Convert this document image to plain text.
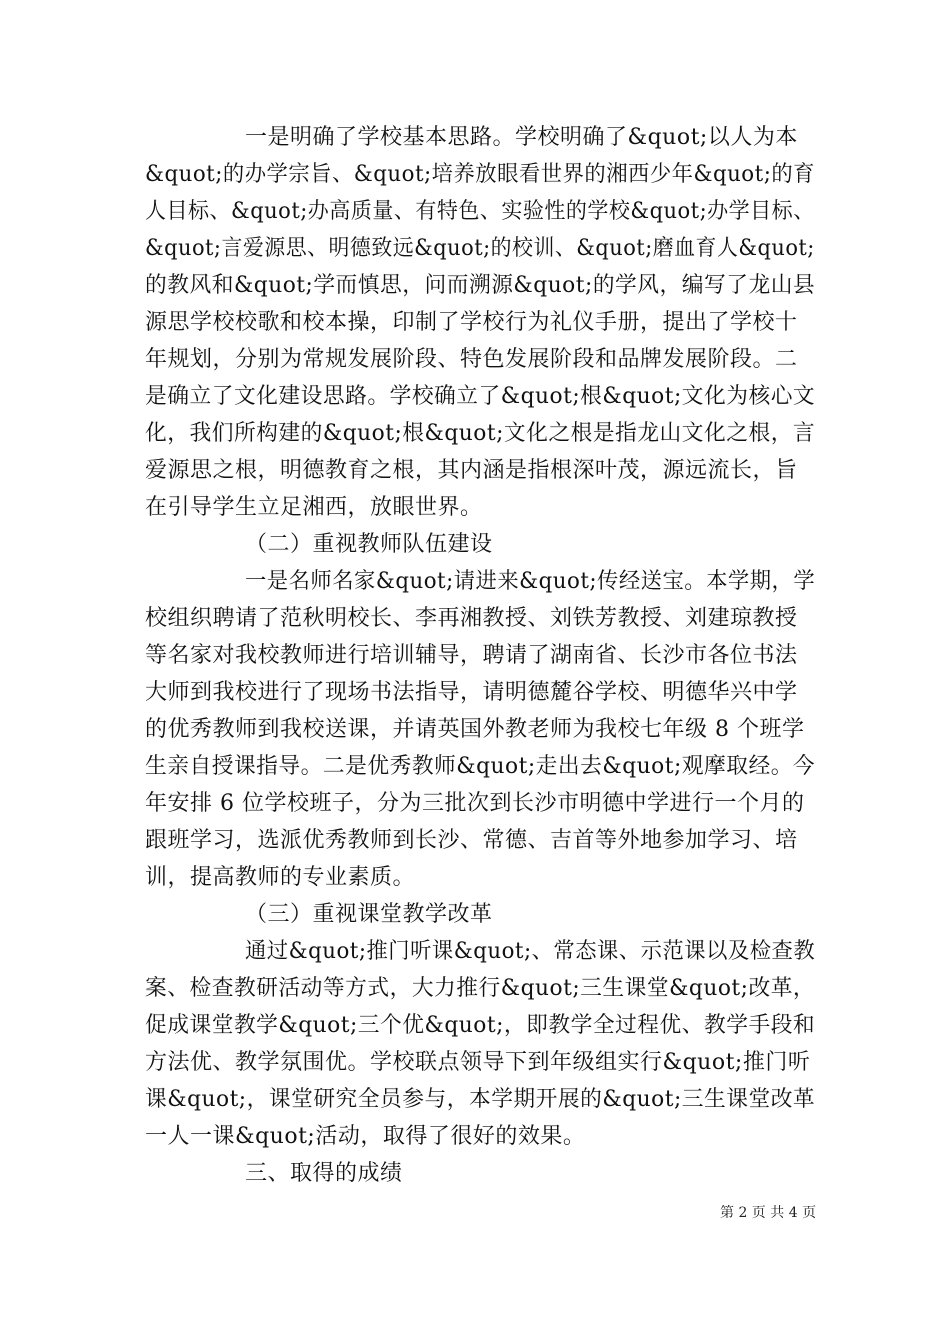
一是明确了学校基本思路。学校明确了&quot;以人为本
&quot;的办学宗旨、&quot;培养放眼看世界的湘西少年&quot;的育
人目标、&quot;办高质量、有特色、实验性的学校&quot;办学目标、
&quot;言爱源思、明德致远&quot;的校训、&quot;磨血育人&quot;
的教风和&quot;学而慎思，问而溯源&quot;的学风，编写了龙山县
源思学校校歌和校本操，印制了学校行为礼仪手册，提出了学校十
年规划，分别为常规发展阶段、特色发展阶段和品牌发展阶段。二
是确立了文化建设思路。学校确立了&quot;根&quot;文化为核心文
化，我们所构建的&quot;根&quot;文化之根是指龙山文化之根，言
爱源思之根，明德教育之根，其内涵是指根深叶茂，源远流长，旨
在引导学生立足湘西，放眼世界。
（二）重视教师队伍建设
一是名师名家&quot;请进来&quot;传经送宝。本学期，学
校组织聘请了范秋明校长、李再湘教授、刘铁芳教授、刘建琼教授
等名家对我校教师进行培训辅导，聘请了湖南省、长沙市各位书法
大师到我校进行了现场书法指导，请明德麓谷学校、明德华兴中学
的优秀教师到我校送课，并请英国外教老师为我校七年级 8 个班学
生亲自授课指导。二是优秀教师&quot;走出去&quot;观摩取经。今
年安排 6 位学校班子，分为三批次到长沙市明德中学进行一个月的
跟班学习，选派优秀教师到长沙、常德、吉首等外地参加学习、培
训，提高教师的专业素质。
（三）重视课堂教学改革
通过&quot;推门听课&quot;、常态课、示范课以及检查教
案、检查教研活动等方式，大力推行&quot;三生课堂&quot;改革，
促成课堂教学&quot;三个优&quot;，即教学全过程优、教学手段和
方法优、教学氛围优。学校联点领导下到年级组实行&quot;推门听
课&quot;，课堂研究全员参与，本学期开展的&quot;三生课堂改革
一人一课&quot;活动，取得了很好的效果。
三、取得的成绩
第 2 页 共 4 页
